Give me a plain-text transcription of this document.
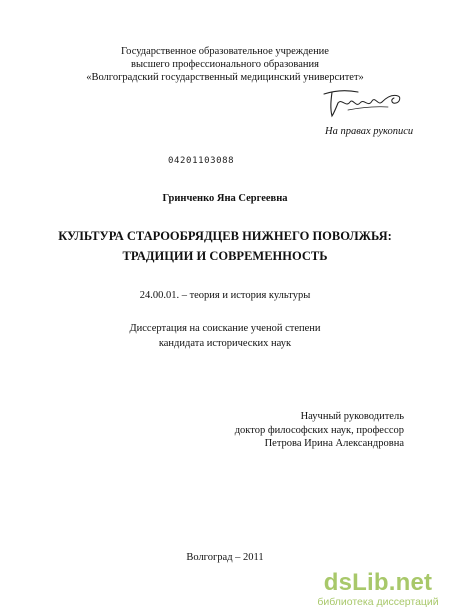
Государственное образовательное учреждение
высшего профессионального образования
«Волгоградский государственный медицинский университет»
На правах рукописи
04201103088
Гринченко Яна Сергеевна
КУЛЬТУРА СТАРООБРЯДЦЕВ НИЖНЕГО ПОВОЛЖЬЯ:
ТРАДИЦИИ И СОВРЕМЕННОСТЬ
24.00.01. – теория и история культуры
Диссертация на соискание ученой степени
кандидата исторических наук
Научный руководитель
доктор философских наук, профессор
Петрова Ирина Александровна
Волгоград – 2011
dsLib.net
библиотека диссертаций
